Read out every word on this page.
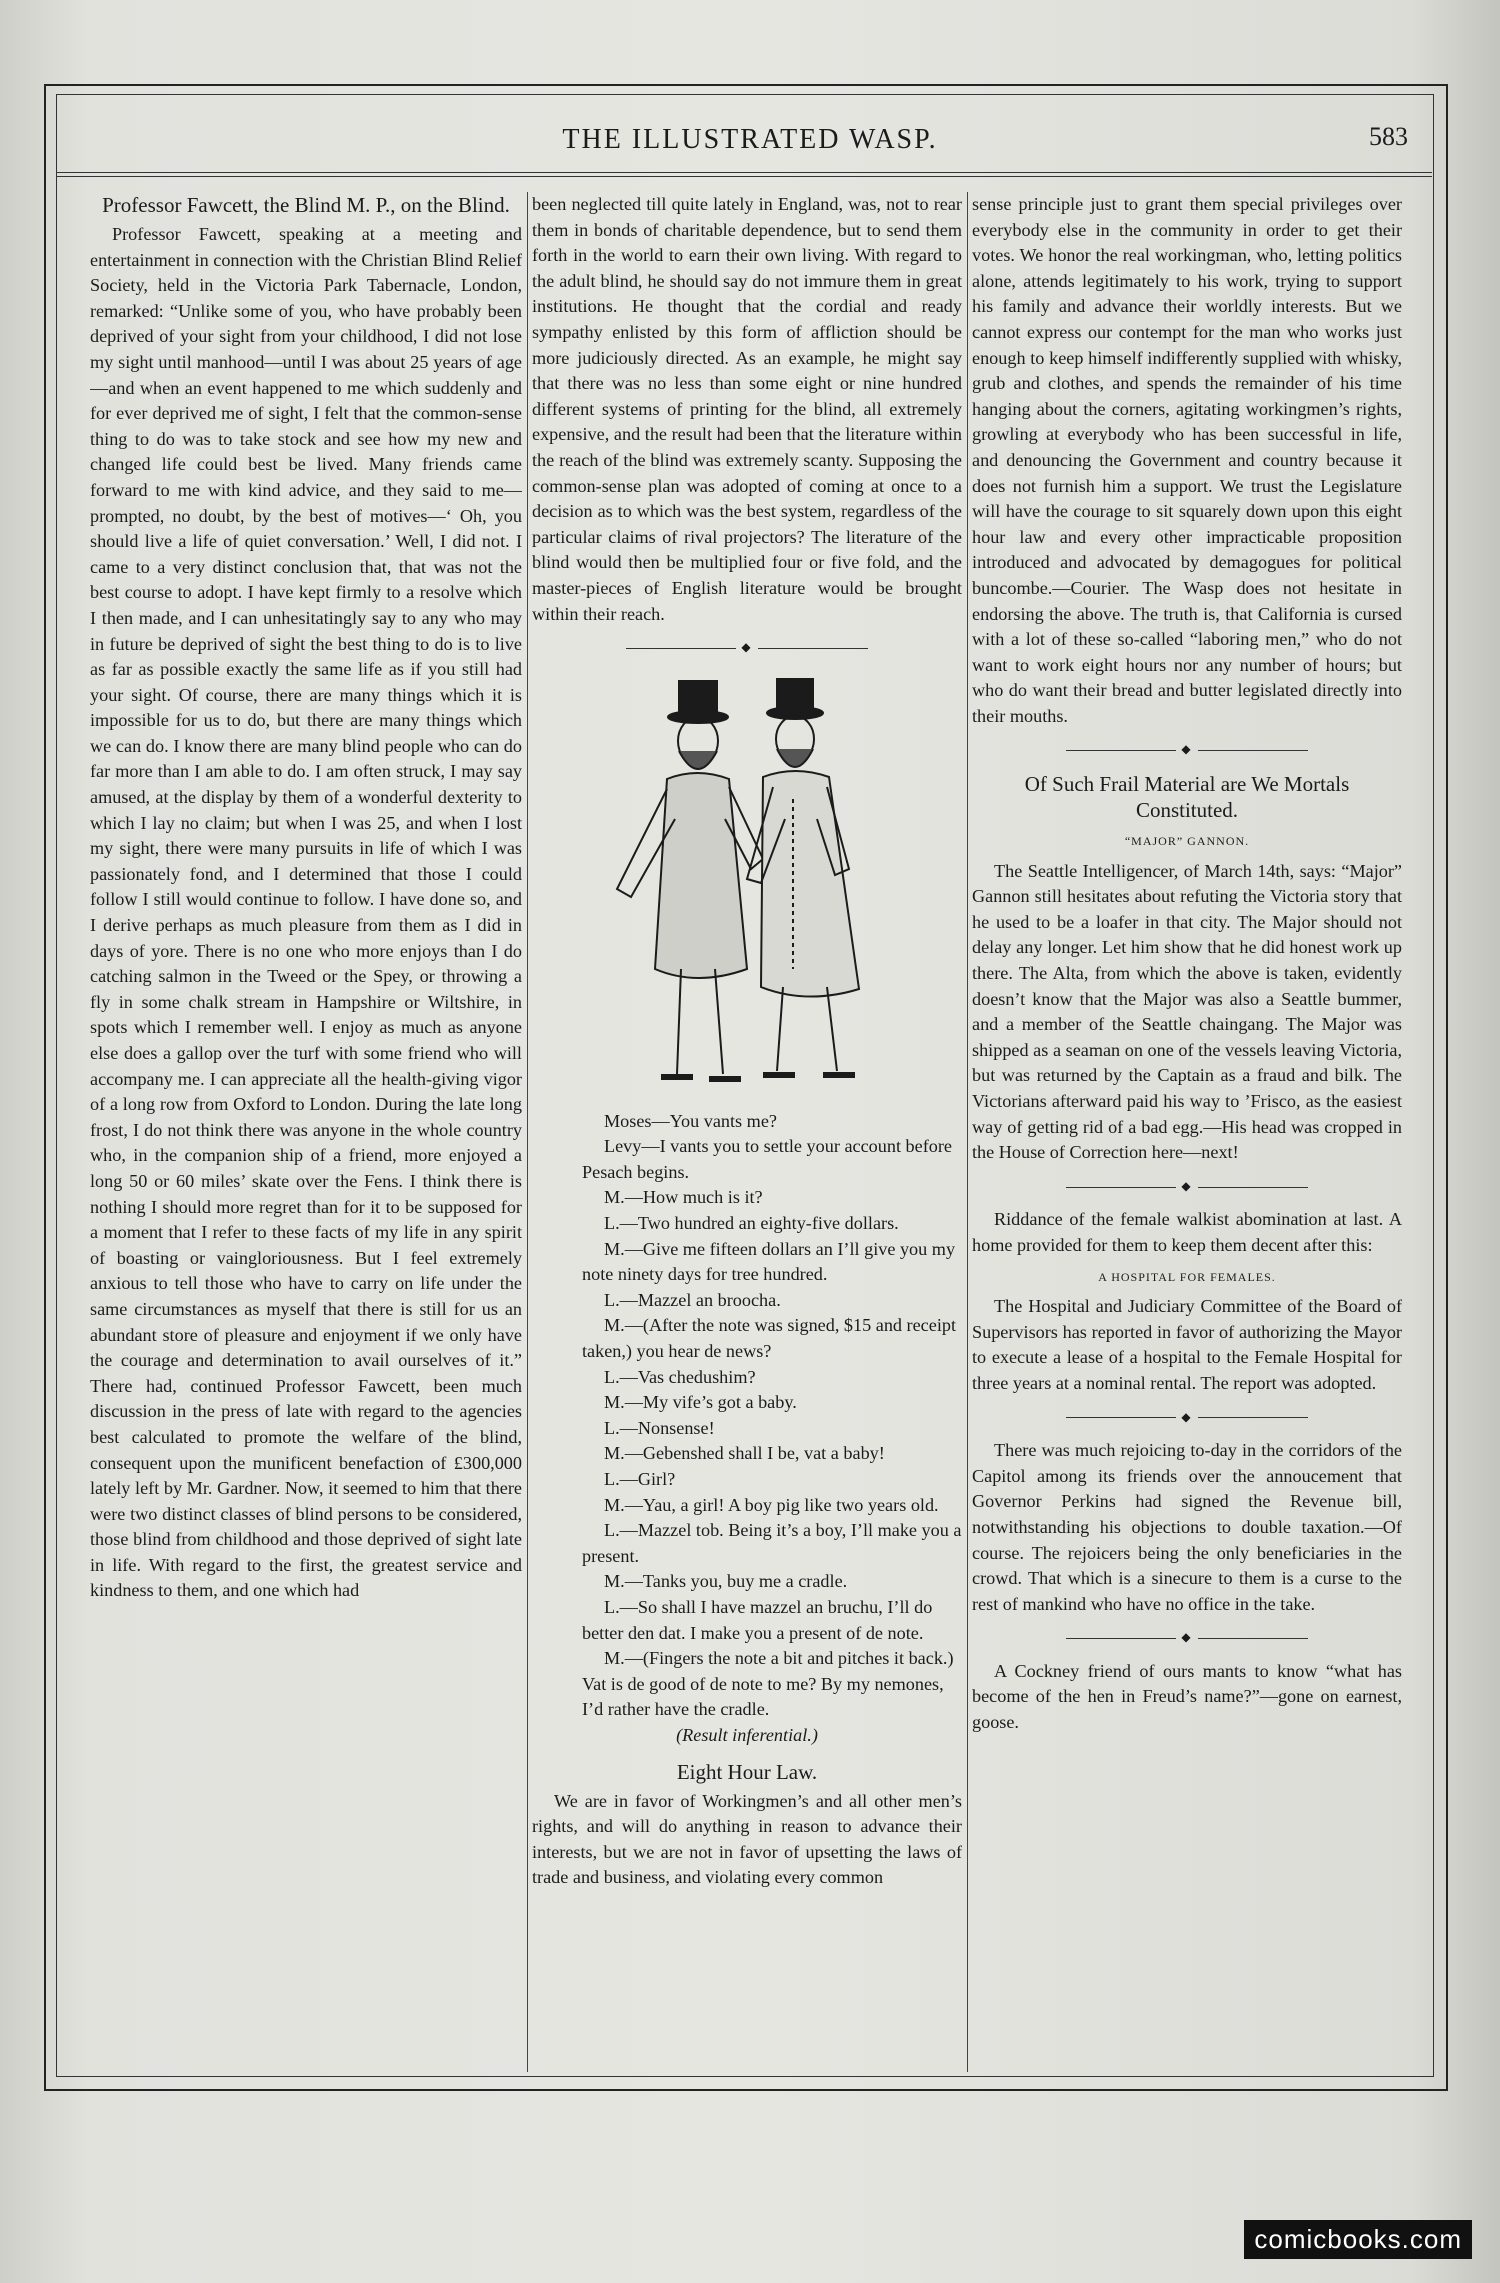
THE ILLUSTRATED WASP.	583
Professor Fawcett, the Blind M. P., on the Blind.

Professor Fawcett, speaking at a meeting and entertainment in connection with the Christian Blind Relief Society, held in the Victoria Park Tabernacle, London, remarked: “Unlike some of you, who have probably been deprived of your sight from your childhood, I did not lose my sight until manhood—until I was about 25 years of age—and when an event happened to me which suddenly and for ever deprived me of sight, I felt that the common-sense thing to do was to take stock and see how my new and changed life could best be lived. Many friends came forward to me with kind advice, and they said to me—prompted, no doubt, by the best of motives—‘ Oh, you should live a life of quiet conversation.’ Well, I did not. I came to a very distinct conclusion that, that was not the best course to adopt. I have kept firmly to a resolve which I then made, and I can unhesitatingly say to any who may in future be deprived of sight the best thing to do is to live as far as possible exactly the same life as if you still had your sight. Of course, there are many things which it is impossible for us to do, but there are many things which we can do. I know there are many blind people who can do far more than I am able to do. I am often struck, I may say amused, at the display by them of a wonderful dexterity to which I lay no claim; but when I was 25, and when I lost my sight, there were many pursuits in life of which I was passionately fond, and I determined that those I could follow I still would continue to follow. I have done so, and I derive perhaps as much pleasure from them as I did in days of yore. There is no one who more enjoys than I do catching salmon in the Tweed or the Spey, or throwing a fly in some chalk stream in Hampshire or Wiltshire, in spots which I remember well. I enjoy as much as anyone else does a gallop over the turf with some friend who will accompany me. I can appreciate all the health-giving vigor of a long row from Oxford to London. During the late long frost, I do not think there was anyone in the whole country who, in the companion ship of a friend, more enjoyed a long 50 or 60 miles’ skate over the Fens. I think there is nothing I should more regret than for it to be supposed for a moment that I refer to these facts of my life in any spirit of boasting or vaingloriousness. But I feel extremely anxious to tell those who have to carry on life under the same circumstances as myself that there is still for us an abundant store of pleasure and enjoyment if we only have the courage and determination to avail ourselves of it.” There had, continued Professor Fawcett, been much discussion in the press of late with regard to the agencies best calculated to promote the welfare of the blind, consequent upon the munificent benefaction of £300,000 lately left by Mr. Gardner. Now, it seemed to him that there were two distinct classes of blind persons to be considered, those blind from childhood and those deprived of sight late in life. With regard to the first, the greatest service and kindness to them, and one which had

been neglected till quite lately in England, was, not to rear them in bonds of charitable dependence, but to send them forth in the world to earn their own living. With regard to the adult blind, he should say do not immure them in great institutions. He thought that the cordial and ready sympathy enlisted by this form of affliction should be more judiciously directed. As an example, he might say that there was no less than some eight or nine hundred different systems of printing for the blind, all extremely expensive, and the result had been that the literature within the reach of the blind was extremely scanty. Supposing the common-sense plan was adopted of coming at once to a decision as to which was the best system, regardless of the particular claims of rival projectors? The literature of the blind would then be multiplied four or five fold, and the master-pieces of English literature would be brought within their reach.

◆

Moses—You vants me?

Levy—I vants you to settle your account before Pesach begins.

M.—How much is it?

L.—Two hundred an eighty-five dollars.

M.—Give me fifteen dollars an I’ll give you my note ninety days for tree hundred.

L.—Mazzel an broocha.

M.—(After the note was signed, $15 and receipt taken,) you hear de news?

L.—Vas chedushim?

M.—My vife’s got a baby.

L.—Nonsense!

M.—Gebenshed shall I be, vat a baby!

L.—Girl?

M.—Yau, a girl! A boy pig like two years old.

L.—Mazzel tob. Being it’s a boy, I’ll make you a present.

M.—Tanks you, buy me a cradle.

L.—So shall I have mazzel an bruchu, I’ll do better den dat. I make you a present of de note.

M.—(Fingers the note a bit and pitches it back.) Vat is de good of de note to me? By my nemones, I’d rather have the cradle.

(Result inferential.)
Eight Hour Law.

We are in favor of Workingmen’s and all other men’s rights, and will do anything in reason to advance their interests, but we are not in favor of upsetting the laws of trade and business, and violating every common

sense principle just to grant them special privileges over everybody else in the community in order to get their votes. We honor the real workingman, who, letting politics alone, attends legitimately to his work, trying to support his family and advance their worldly interests. But we cannot express our contempt for the man who works just enough to keep himself indifferently supplied with whisky, grub and clothes, and spends the remainder of his time hanging about the corners, agitating workingmen’s rights, growling at everybody who has been successful in life, and denouncing the Government and country because it does not furnish him a support. We trust the Legislature will have the courage to sit squarely down upon this eight hour law and every other impracticable proposition introduced and advocated by demagogues for political buncombe.—Courier. The Wasp does not hesitate in endorsing the above. The truth is, that California is cursed with a lot of these so-called “laboring men,” who do not want to work eight hours nor any number of hours; but who do want their bread and butter legislated directly into their mouths.

◆
Of Such Frail Material are We Mortals Constituted.
“MAJOR” GANNON.

The Seattle Intelligencer, of March 14th, says: “Major” Gannon still hesitates about refuting the Victoria story that he used to be a loafer in that city. The Major should not delay any longer. Let him show that he did honest work up there. The Alta, from which the above is taken, evidently doesn’t know that the Major was also a Seattle bummer, and a member of the Seattle chaingang. The Major was shipped as a seaman on one of the vessels leaving Victoria, but was returned by the Captain as a fraud and bilk. The Victorians afterward paid his way to ’Frisco, as the easiest way of getting rid of a bad egg.—His head was cropped in the House of Correction here—next!

◆

Riddance of the female walkist abomination at last. A home provided for them to keep them decent after this:

A HOSPITAL FOR FEMALES.

The Hospital and Judiciary Committee of the Board of Supervisors has reported in favor of authorizing the Mayor to execute a lease of a hospital to the Female Hospital for three years at a nominal rental. The report was adopted.

◆

There was much rejoicing to-day in the corridors of the Capitol among its friends over the annoucement that Governor Perkins had signed the Revenue bill, notwithstanding his objections to double taxation.—Of course. The rejoicers being the only beneficiaries in the crowd. That which is a sinecure to them is a curse to the rest of mankind who have no office in the take.

◆

A Cockney friend of ours mants to know “what has become of the hen in Freud’s name?”—gone on earnest, goose.

comicbooks.com
